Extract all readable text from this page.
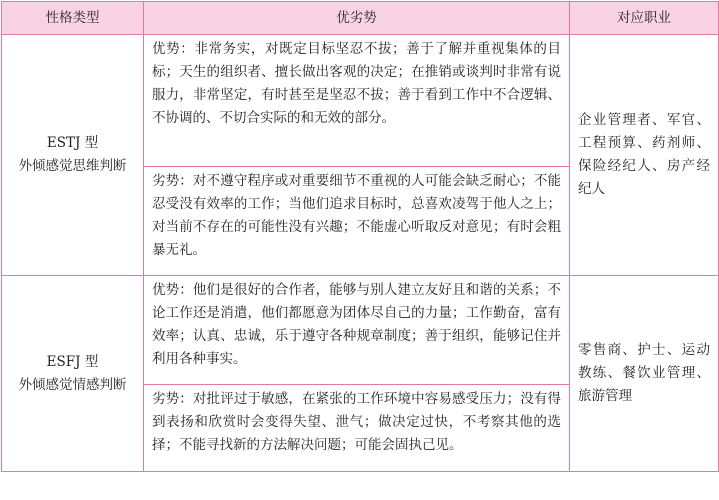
性格类型	优劣势	对应职业

ESTJ 型
外倾感觉思维判断	优势：非常务实，对既定目标坚忍不拔；善于了解并重视集体的目标；天生的组织者、擅长做出客观的决定；在推销或谈判时非常有说服力，非常坚定，有时甚至是坚忍不拔；善于看到工作中不合逻辑、不协调的、不切合实际的和无效的部分。	企业管理者、军官、工程预算、药剂师、保险经纪人、房产经纪人
	劣势：对不遵守程序或对重要细节不重视的人可能会缺乏耐心；不能忍受没有效率的工作；当他们追求目标时，总喜欢凌驾于他人之上；对当前不存在的可能性没有兴趣；不能虚心听取反对意见；有时会粗暴无礼。	

ESFJ 型
外倾感觉情感判断	优势：他们是很好的合作者，能够与别人建立友好且和谐的关系；不论工作还是消遣，他们都愿意为团体尽自己的力量；工作勤奋，富有效率；认真、忠诚，乐于遵守各种规章制度；善于组织，能够记住并利用各种事实。	零售商、护士、运动教练、餐饮业管理、旅游管理
	劣势：对批评过于敏感，在紧张的工作环境中容易感受压力；没有得到表扬和欣赏时会变得失望、泄气；做决定过快，不考察其他的选择；不能寻找新的方法解决问题；可能会固执己见。	
